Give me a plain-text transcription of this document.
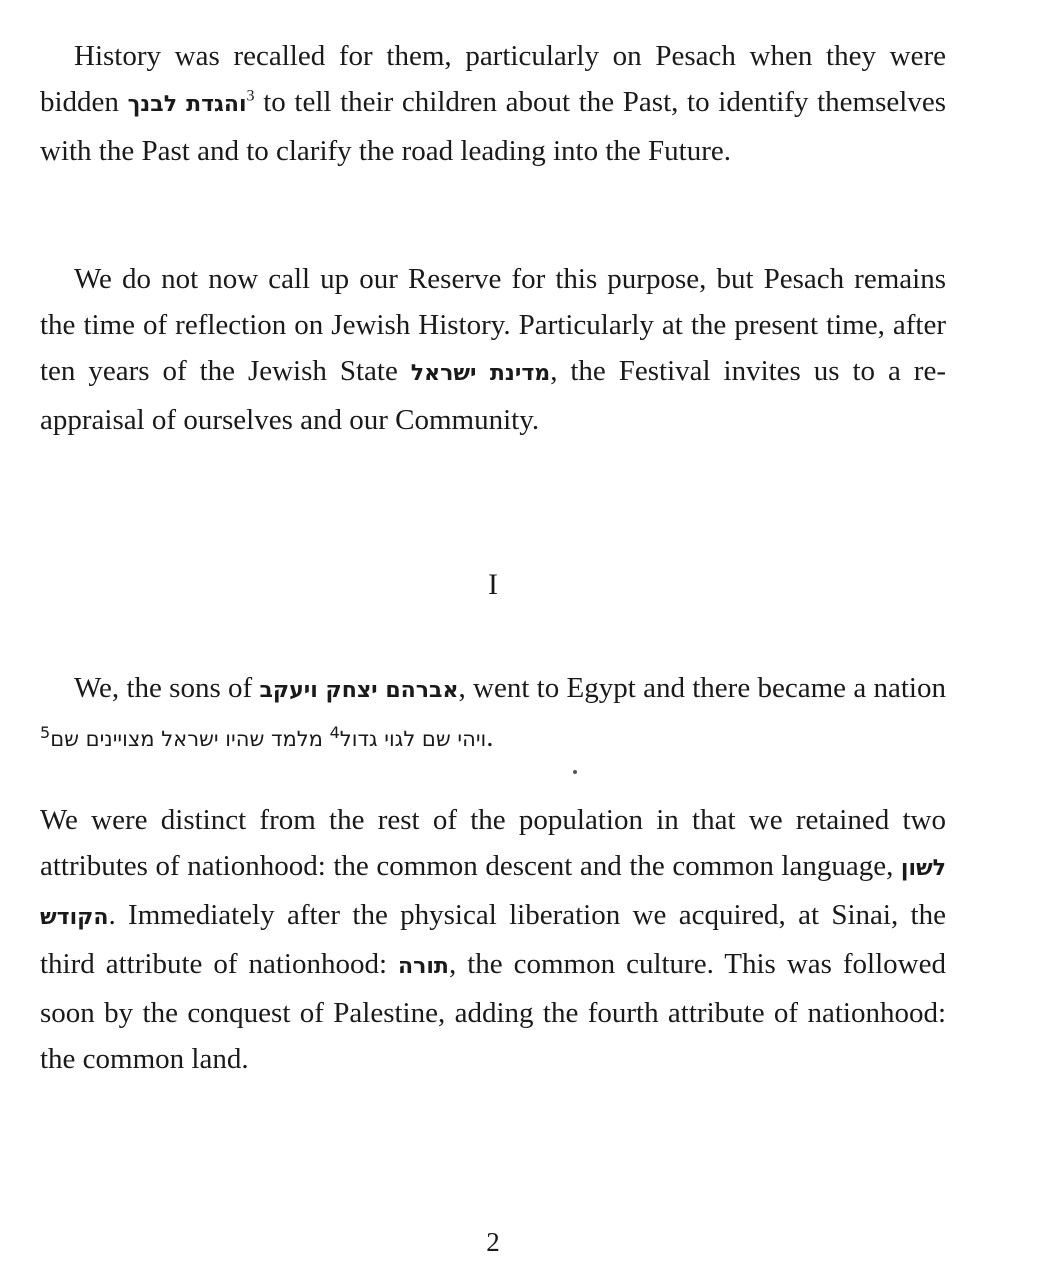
History was recalled for them, particularly on Pesach when they were bidden והגדת לבנך$^3$ to tell their children about the Past, to identify themselves with the Past and to clarify the road leading into the Future.

We do not now call up our Reserve for this purpose, but Pesach remains the time of reflection on Jewish History. Particularly at the present time, after ten years of the Jewish State מדינת ישראל, the Festival invites us to a re-appraisal of ourselves and our Community.

I

We, the sons of אברהם יצחק ויעקב, went to Egypt and there became a nation ויהי שם לגוי גדול$^4$ מלמד שהיו ישראל מצויינים שם$^5$	.

We were distinct from the rest of the population in that we retained two attributes of nationhood: the common descent and the common language, לשון הקודש. Immediately after the physical liberation we acquired, at Sinai, the third attribute of nationhood: תורה, the common culture. This was followed soon by the conquest of Palestine, adding the fourth attribute of nationhood: the common land.

2
